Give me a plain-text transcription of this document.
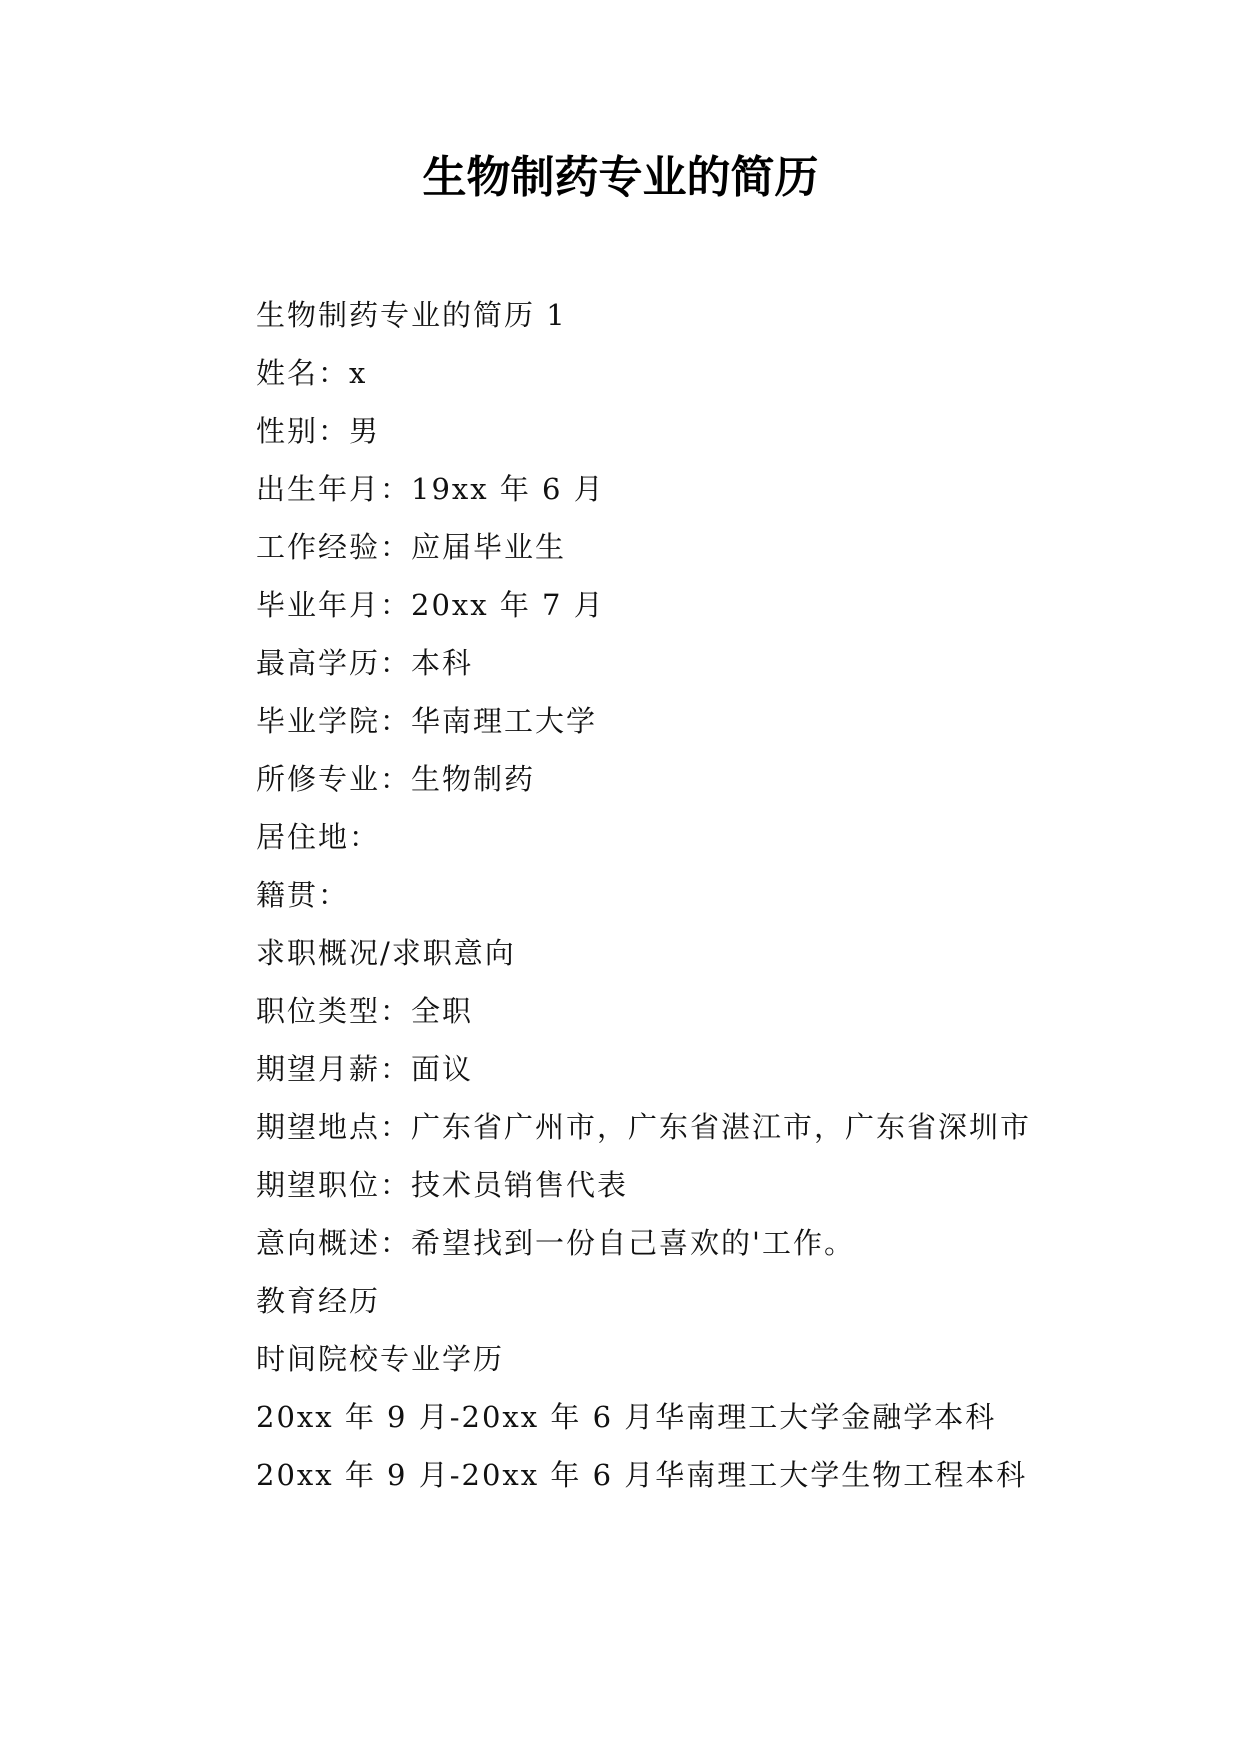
生物制药专业的简历

生物制药专业的简历 1

姓名：x

性别：男

出生年月：19xx 年 6 月

工作经验：应届毕业生

毕业年月：20xx 年 7 月

最高学历：本科

毕业学院：华南理工大学

所修专业：生物制药

居住地：

籍贯：

求职概况/求职意向

职位类型：全职

期望月薪：面议

期望地点：广东省广州市，广东省湛江市，广东省深圳市

期望职位：技术员销售代表

意向概述：希望找到一份自己喜欢的'工作。

教育经历

时间院校专业学历

20xx 年 9 月-20xx 年 6 月华南理工大学金融学本科

20xx 年 9 月-20xx 年 6 月华南理工大学生物工程本科
